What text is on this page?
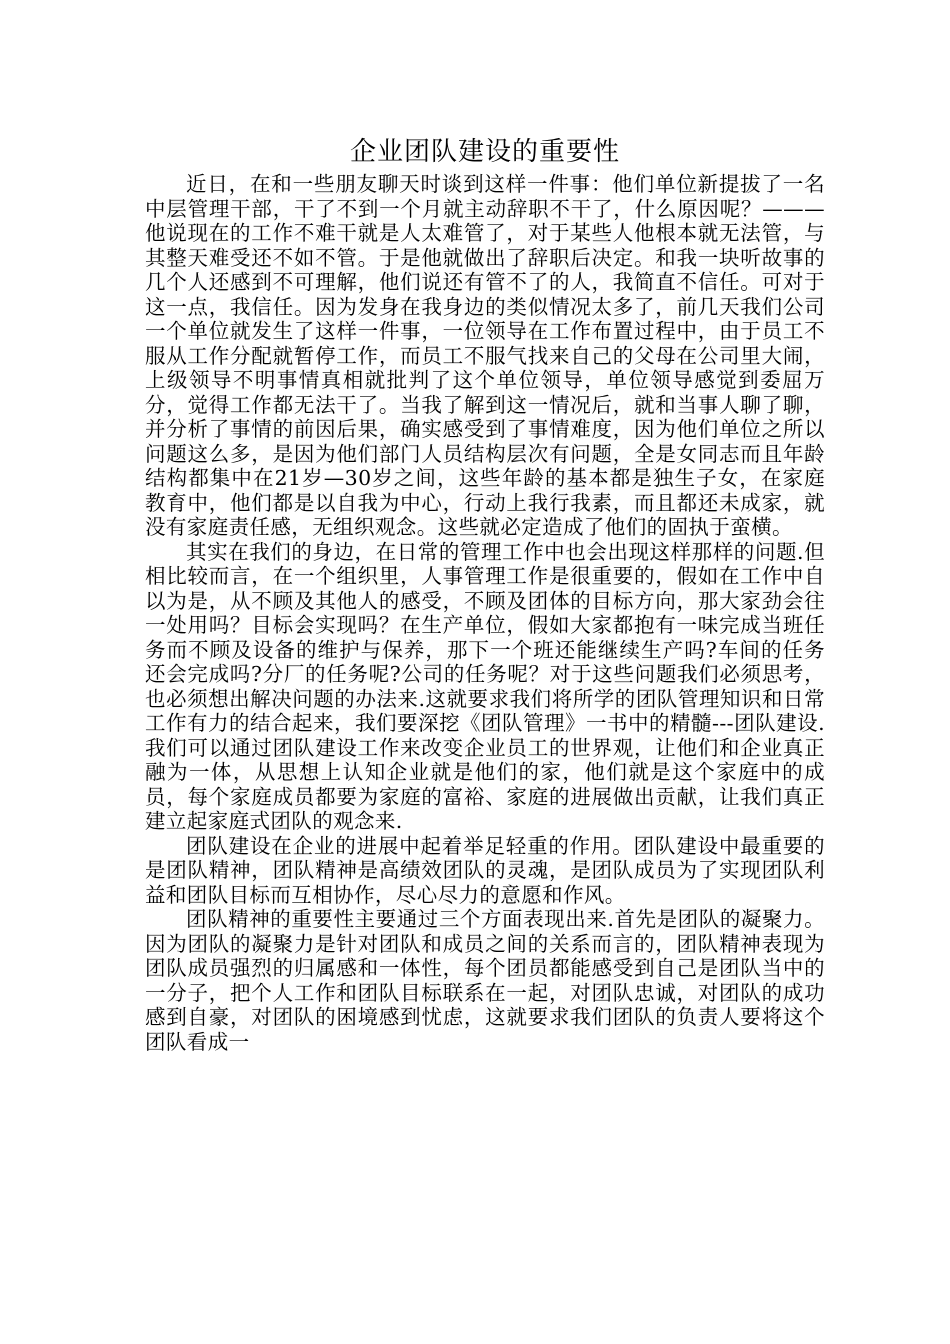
企业团队建设的重要性

近日，在和一些朋友聊天时谈到这样一件事：他们单位新提拔了一名中层管理干部，干了不到一个月就主动辞职不干了，什么原因呢？———他说现在的工作不难干就是人太难管了，对于某些人他根本就无法管，与其整天难受还不如不管。于是他就做出了辞职后决定。和我一块听故事的几个人还感到不可理解，他们说还有管不了的人，我简直不信任。可对于这一点，我信任。因为发身在我身边的类似情况太多了，前几天我们公司一个单位就发生了这样一件事，一位领导在工作布置过程中，由于员工不服从工作分配就暂停工作，而员工不服气找来自己的父母在公司里大闹，上级领导不明事情真相就批判了这个单位领导，单位领导感觉到委屈万分，觉得工作都无法干了。当我了解到这一情况后，就和当事人聊了聊，并分析了事情的前因后果，确实感受到了事情难度，因为他们单位之所以问题这么多，是因为他们部门人员结构层次有问题，全是女同志而且年龄结构都集中在21岁—30岁之间，这些年龄的基本都是独生子女，在家庭教育中，他们都是以自我为中心，行动上我行我素，而且都还未成家，就没有家庭责任感，无组织观念。这些就必定造成了他们的固执于蛮横。

其实在我们的身边，在日常的管理工作中也会出现这样那样的问题.但相比较而言，在一个组织里，人事管理工作是很重要的，假如在工作中自以为是，从不顾及其他人的感受，不顾及团体的目标方向，那大家劲会往一处用吗？目标会实现吗？在生产单位，假如大家都抱有一味完成当班任务而不顾及设备的维护与保养，那下一个班还能继续生产吗?车间的任务还会完成吗?分厂的任务呢?公司的任务呢？对于这些问题我们必须思考，也必须想出解决问题的办法来.这就要求我们将所学的团队管理知识和日常工作有力的结合起来，我们要深挖《团队管理》一书中的精髓---团队建设.我们可以通过团队建设工作来改变企业员工的世界观，让他们和企业真正融为一体，从思想上认知企业就是他们的家，他们就是这个家庭中的成员，每个家庭成员都要为家庭的富裕、家庭的进展做出贡献，让我们真正建立起家庭式团队的观念来.

团队建设在企业的进展中起着举足轻重的作用。团队建设中最重要的是团队精神，团队精神是高绩效团队的灵魂，是团队成员为了实现团队利益和团队目标而互相协作，尽心尽力的意愿和作风。

团队精神的重要性主要通过三个方面表现出来.首先是团队的凝聚力。因为团队的凝聚力是针对团队和成员之间的关系而言的，团队精神表现为团队成员强烈的归属感和一体性，每个团员都能感受到自己是团队当中的一分子，把个人工作和团队目标联系在一起，对团队忠诚，对团队的成功感到自豪，对团队的困境感到忧虑，这就要求我们团队的负责人要将这个团队看成一
